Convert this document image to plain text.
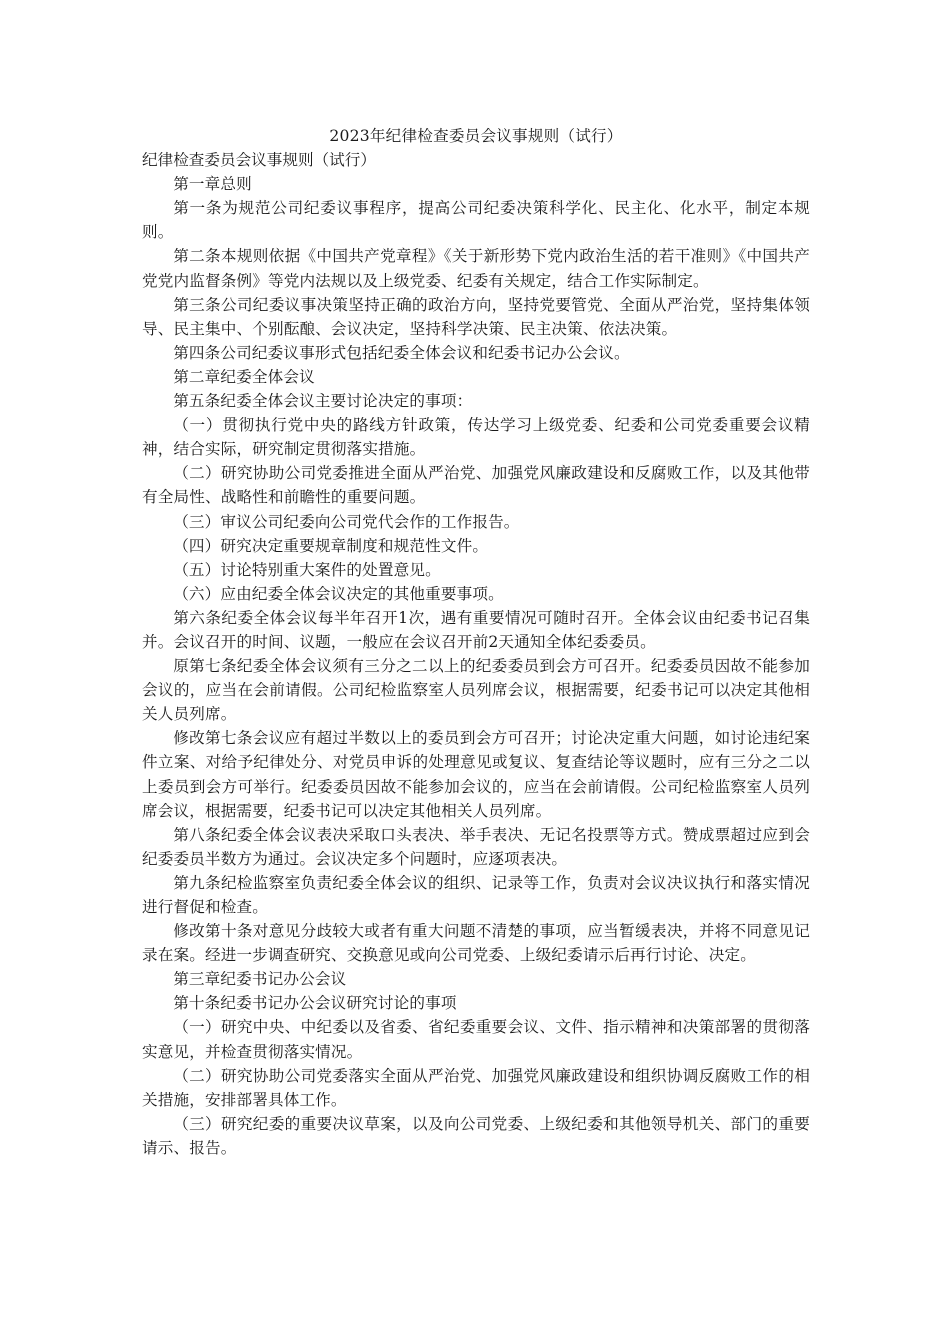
2023年纪律检查委员会议事规则（试行）

纪律检查委员会议事规则（试行）

第一章总则

第一条为规范公司纪委议事程序，提高公司纪委决策科学化、民主化、化水平，制定本规则。

第二条本规则依据《中国共产党章程》《关于新形势下党内政治生活的若干准则》《中国共产党党内监督条例》等党内法规以及上级党委、纪委有关规定，结合工作实际制定。

第三条公司纪委议事决策坚持正确的政治方向，坚持党要管党、全面从严治党，坚持集体领导、民主集中、个别酝酿、会议决定，坚持科学决策、民主决策、依法决策。

第四条公司纪委议事形式包括纪委全体会议和纪委书记办公会议。

第二章纪委全体会议

第五条纪委全体会议主要讨论决定的事项：

（一）贯彻执行党中央的路线方针政策，传达学习上级党委、纪委和公司党委重要会议精神，结合实际，研究制定贯彻落实措施。

（二）研究协助公司党委推进全面从严治党、加强党风廉政建设和反腐败工作，以及其他带有全局性、战略性和前瞻性的重要问题。

（三）审议公司纪委向公司党代会作的工作报告。

（四）研究决定重要规章制度和规范性文件。

（五）讨论特别重大案件的处置意见。

（六）应由纪委全体会议决定的其他重要事项。

第六条纪委全体会议每半年召开1次，遇有重要情况可随时召开。全体会议由纪委书记召集并。会议召开的时间、议题，一般应在会议召开前2天通知全体纪委委员。

原第七条纪委全体会议须有三分之二以上的纪委委员到会方可召开。纪委委员因故不能参加会议的，应当在会前请假。公司纪检监察室人员列席会议，根据需要，纪委书记可以决定其他相关人员列席。

修改第七条会议应有超过半数以上的委员到会方可召开；讨论决定重大问题，如讨论违纪案件立案、对给予纪律处分、对党员申诉的处理意见或复议、复查结论等议题时，应有三分之二以上委员到会方可举行。纪委委员因故不能参加会议的，应当在会前请假。公司纪检监察室人员列席会议，根据需要，纪委书记可以决定其他相关人员列席。

第八条纪委全体会议表决采取口头表决、举手表决、无记名投票等方式。赞成票超过应到会纪委委员半数方为通过。会议决定多个问题时，应逐项表决。

第九条纪检监察室负责纪委全体会议的组织、记录等工作，负责对会议决议执行和落实情况进行督促和检查。

修改第十条对意见分歧较大或者有重大问题不清楚的事项，应当暂缓表决，并将不同意见记录在案。经进一步调查研究、交换意见或向公司党委、上级纪委请示后再行讨论、决定。

第三章纪委书记办公会议

第十条纪委书记办公会议研究讨论的事项

（一）研究中央、中纪委以及省委、省纪委重要会议、文件、指示精神和决策部署的贯彻落实意见，并检查贯彻落实情况。

（二）研究协助公司党委落实全面从严治党、加强党风廉政建设和组织协调反腐败工作的相关措施，安排部署具体工作。

（三）研究纪委的重要决议草案，以及向公司党委、上级纪委和其他领导机关、部门的重要请示、报告。
